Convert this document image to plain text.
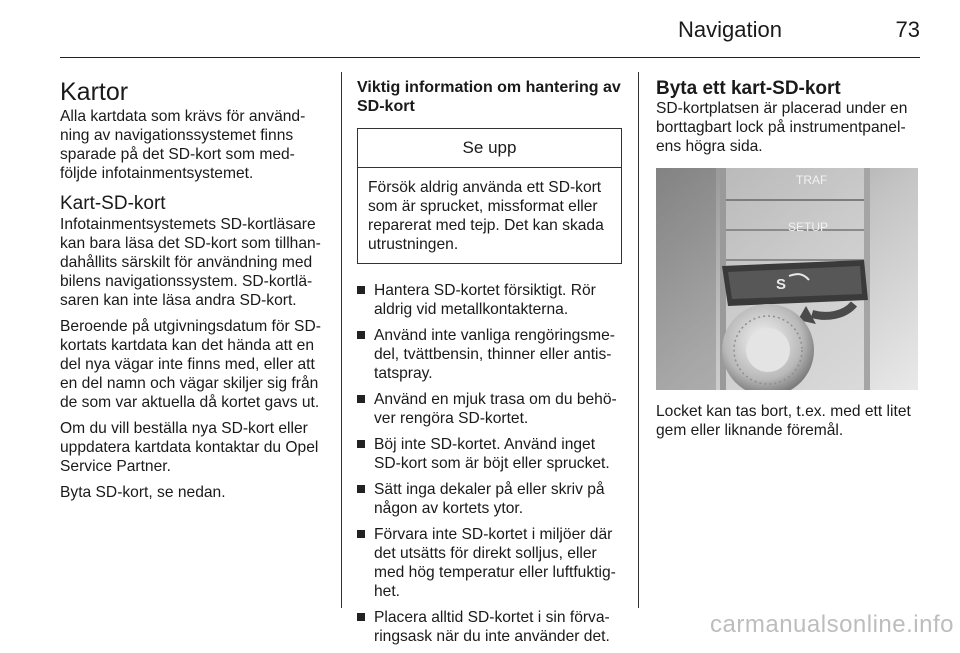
Navigation	73
Kartor

Alla kartdata som krävs för använd-ning av navigationssystemet finns sparade på det SD-kort som med-följde infotainmentsystemet.

Kart-SD-kort

Infotainmentsystemets SD-kortläsare kan bara läsa det SD-kort som tillhan-dahållits särskilt för användning med bilens navigationssystem. SD-kortlä-saren kan inte läsa andra SD-kort.

Beroende på utgivningsdatum för SD-kortats kartdata kan det hända att en del nya vägar inte finns med, eller att en del namn och vägar skiljer sig från de som var aktuella då kortet gavs ut.

Om du vill beställa nya SD-kort eller uppdatera kartdata kontaktar du Opel Service Partner.

Byta SD-kort, se nedan.

Viktig information om hantering av SD-kort
Se upp
Försök aldrig använda ett SD-kort som är sprucket, missformat eller reparerat med tejp. Det kan skada utrustningen.
Hantera SD-kortet försiktigt. Rör aldrig vid metallkontakterna.
Använd inte vanliga rengöringsme-del, tvättbensin, thinner eller antis-tatspray.
Använd en mjuk trasa om du behö-ver rengöra SD-kortet.
Böj inte SD-kortet. Använd inget SD-kort som är böjt eller sprucket.
Sätt inga dekaler på eller skriv på någon av kortets ytor.
Förvara inte SD-kortet i miljöer där det utsätts för direkt solljus, eller med hög temperatur eller luftfuktig-het.
Placera alltid SD-kortet i sin förva-ringsask när du inte använder det.
Byta ett kart-SD-kort

SD-kortplatsen är placerad under en borttagbart lock på instrumentpanel-ens högra sida.

TRAF
SETUP
S

Locket kan tas bort, t.ex. med ett litet gem eller liknande föremål.

carmanualsonline.info
